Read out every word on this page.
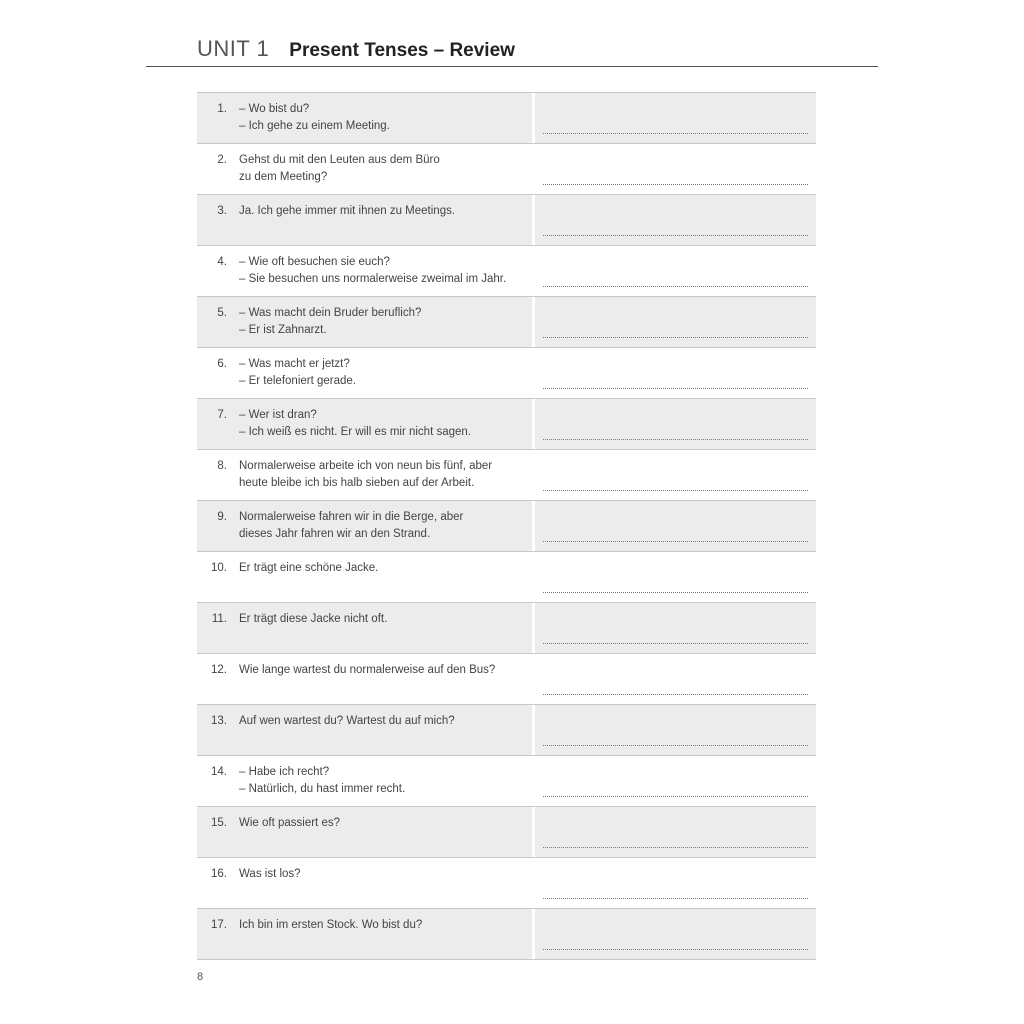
UNIT 1 Present Tenses – Review
1. – Wo bist du?
– Ich gehe zu einem Meeting.
2. Gehst du mit den Leuten aus dem Büro
zu dem Meeting?
3. Ja. Ich gehe immer mit ihnen zu Meetings.
4. – Wie oft besuchen sie euch?
– Sie besuchen uns normalerweise zweimal im Jahr.
5. – Was macht dein Bruder beruflich?
– Er ist Zahnarzt.
6. – Was macht er jetzt?
– Er telefoniert gerade.
7. – Wer ist dran?
– Ich weiß es nicht. Er will es mir nicht sagen.
8. Normalerweise arbeite ich von neun bis fünf, aber
heute bleibe ich bis halb sieben auf der Arbeit.
9. Normalerweise fahren wir in die Berge, aber
dieses Jahr fahren wir an den Strand.
10. Er trägt eine schöne Jacke.
11. Er trägt diese Jacke nicht oft.
12. Wie lange wartest du normalerweise auf den Bus?
13. Auf wen wartest du? Wartest du auf mich?
14. – Habe ich recht?
– Natürlich, du hast immer recht.
15. Wie oft passiert es?
16. Was ist los?
17. Ich bin im ersten Stock. Wo bist du?
8
